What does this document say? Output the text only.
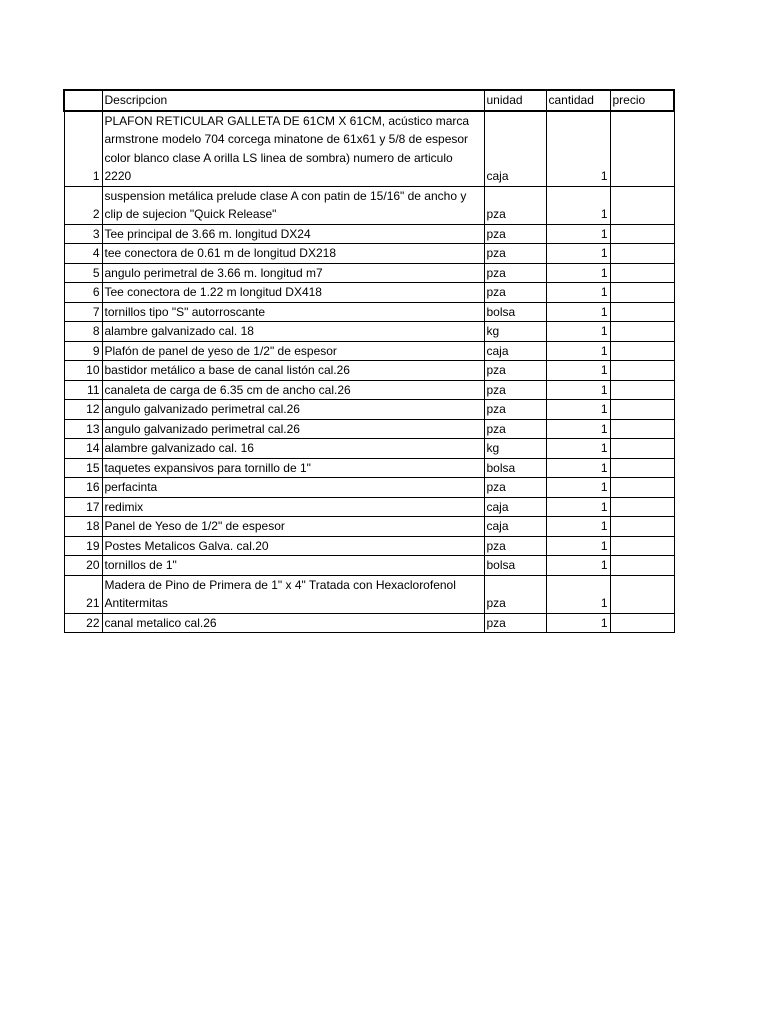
	Descripcion	unidad	cantidad	precio
1	PLAFON RETICULAR GALLETA DE 61CM X 61CM, acústico marca armstrone modelo 704 corcega minatone de 61x61 y 5/8 de espesor color blanco clase A orilla LS linea de sombra) numero de articulo 2220	caja	1	
2	suspension metálica prelude clase A con patin de 15/16" de ancho y clip de sujecion "Quick Release"	pza	1	
3	Tee principal de 3.66 m. longitud DX24	pza	1	
4	tee conectora de 0.61 m de longitud DX218	pza	1	
5	angulo perimetral de 3.66 m. longitud m7	pza	1	
6	Tee conectora de 1.22 m longitud DX418	pza	1	
7	tornillos tipo "S" autorroscante	bolsa	1	
8	alambre galvanizado cal. 18	kg	1	
9	Plafón de panel de yeso de 1/2" de espesor	caja	1	
10	bastidor metálico a base de canal listón cal.26	pza	1	
11	canaleta de carga de 6.35 cm de ancho cal.26	pza	1	
12	angulo galvanizado perimetral cal.26	pza	1	
13	angulo galvanizado perimetral cal.26	pza	1	
14	alambre galvanizado cal. 16	kg	1	
15	taquetes expansivos para tornillo de 1"	bolsa	1	
16	perfacinta	pza	1	
17	redimix	caja	1	
18	Panel de Yeso de 1/2" de espesor	caja	1	
19	Postes Metalicos Galva. cal.20	pza	1	
20	tornillos de 1"	bolsa	1	
21	Madera de Pino de Primera de 1" x 4" Tratada con Hexaclorofenol Antitermitas	pza	1	
22	canal metalico cal.26	pza	1	
